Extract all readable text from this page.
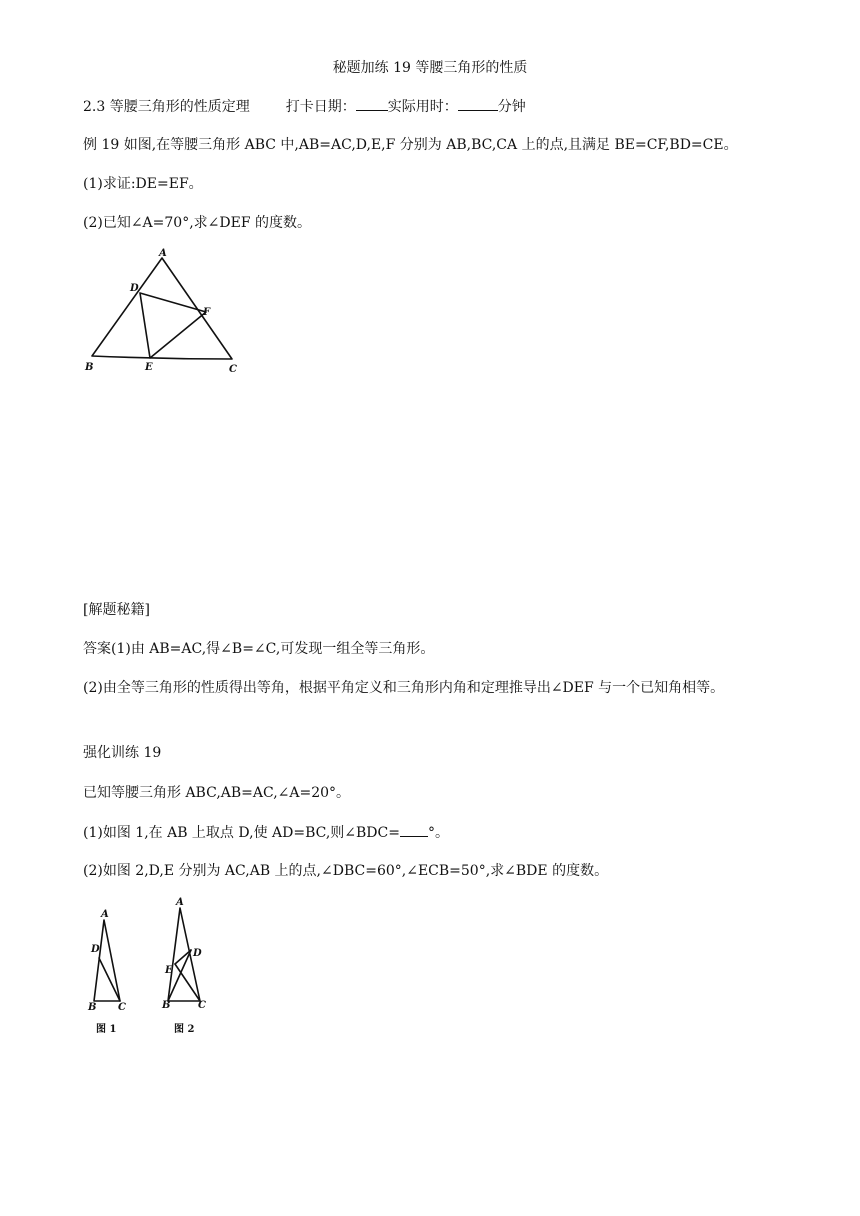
秘题加练 19 等腰三角形的性质
2.3 等腰三角形的性质定理	打卡日期： 实际用时：	分钟
例 19 如图,在等腰三角形 ABC 中,AB=AC,D,E,F 分别为 AB,BC,CA 上的点,且满足 BE=CF,BD=CE。
(1)求证:DE=EF。
(2)已知∠A=70°,求∠DEF 的度数。
A
D
F
B	E	C
[解题秘籍]
答案(1)由 AB=AC,得∠B=∠C,可发现一组全等三角形。
(2)由全等三角形的性质得出等角，根据平角定义和三角形内角和定理推导出∠DEF 与一个已知角相等。
强化训练 19
已知等腰三角形 ABC,AB=AC,∠A=20°。
(1)如图 1,在 AB 上取点 D,使 AD=BC,则∠BDC= °。
(2)如图 2,D,E 分别为 AC,AB 上的点,∠DBC=60°,∠ECB=50°,求∠BDE 的度数。
A
D
B C
图 1
A
D
E
B	C
图 2
